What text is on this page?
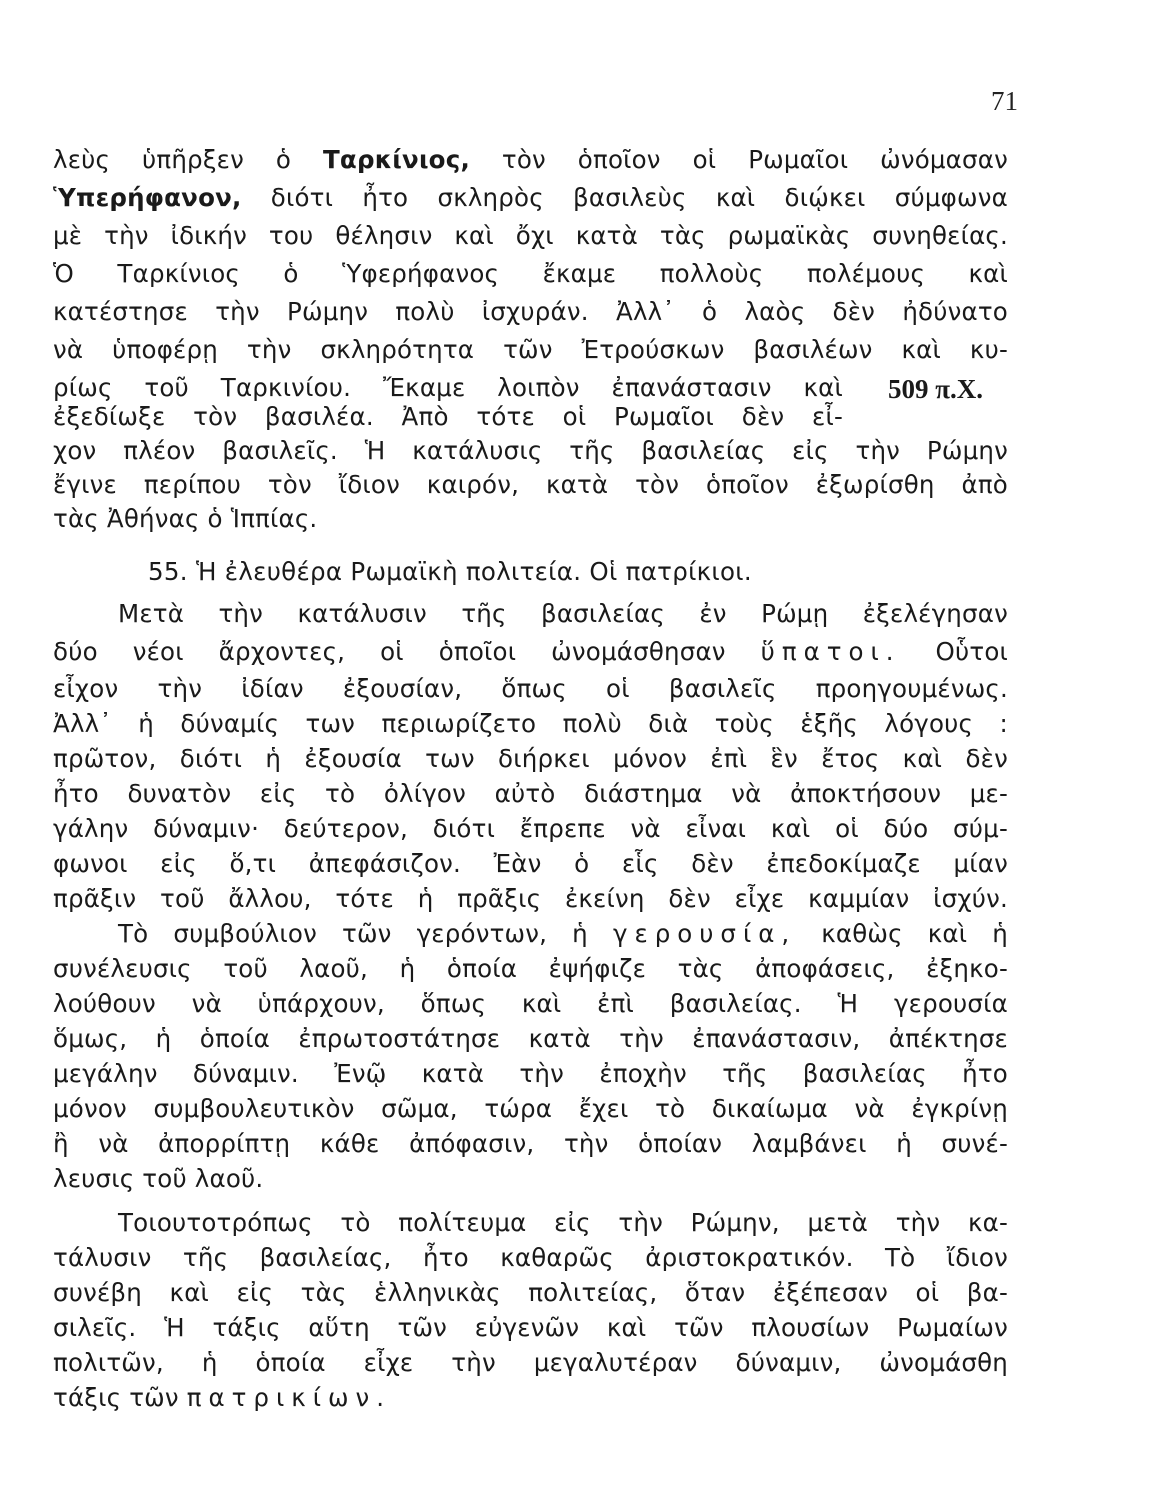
71
λεὺς ὑπῆρξεν ὁ Ταρκίνιος, τὸν ὁποῖον οἱ Ρωμαῖοι ὠνόμασαν
Ὑπερήφανον, διότι ἦτο σκληρὸς βασιλεὺς καὶ διῴκει σύμφωνα
μὲ τὴν ἰδικήν του θέλησιν καὶ ὄχι κατὰ τὰς ρωμαϊκὰς συνηθείας.
Ὁ Ταρκίνιος ὁ Ὑφερήφανος ἔκαμε πολλοὺς πολέμους καὶ
κατέστησε τὴν Ρώμην πολὺ ἰσχυράν. Ἀλλ᾿ ὁ λαὸς δὲν ἠδύνατο
νὰ ὑποφέρῃ τὴν σκληρότητα τῶν Ἐτρούσκων βασιλέων καὶ κυ-
ρίως τοῦ Ταρκινίου. Ἔκαμε λοιπὸν ἐπανάστασιν καὶ
ἐξεδίωξε τὸν βασιλέα. Ἀπὸ τότε οἱ Ρωμαῖοι δὲν εἶ-
χον πλέον βασιλεῖς. Ἡ κατάλυσις τῆς βασιλείας εἰς τὴν Ρώμην
ἔγινε περίπου τὸν ἴδιον καιρόν, κατὰ τὸν ὁποῖον ἐξωρίσθη ἀπὸ
τὰς Ἀθήνας ὁ Ἱππίας.
509 π.Χ.
55. Ἡ ἐλευθέρα Ρωμαϊκὴ πολιτεία. Οἱ πατρίκιοι.
Μετὰ τὴν κατάλυσιν τῆς βασιλείας ἐν Ρώμῃ ἐξελέγησαν
δύο νέοι ἄρχοντες, οἱ ὁποῖοι ὠνομάσθησαν ὕπατοι. Οὗτοι
εἶχον τὴν ἰδίαν ἐξουσίαν, ὅπως οἱ βασιλεῖς προηγουμένως.
Ἀλλ᾿ ἡ δύναμίς των περιωρίζετο πολὺ διὰ τοὺς ἑξῆς λόγους :
πρῶτον, διότι ἡ ἐξουσία των διήρκει μόνον ἐπὶ ἓν ἔτος καὶ δὲν
ἦτο δυνατὸν εἰς τὸ ὀλίγον αὐτὸ διάστημα νὰ ἀποκτήσουν με-
γάλην δύναμιν· δεύτερον, διότι ἔπρεπε νὰ εἶναι καὶ οἱ δύο σύμ-
φωνοι εἰς ὅ,τι ἀπεφάσιζον. Ἐὰν ὁ εἷς δὲν ἐπεδοκίμαζε μίαν
πρᾶξιν τοῦ ἄλλου, τότε ἡ πρᾶξις ἐκείνη δὲν εἶχε καμμίαν ἰσχύν.
Τὸ συμβούλιον τῶν γερόντων, ἡ γερουσία, καθὼς καὶ ἡ
συνέλευσις τοῦ λαοῦ, ἡ ὁποία ἐψήφιζε τὰς ἀποφάσεις, ἐξηκο-
λούθουν νὰ ὑπάρχουν, ὅπως καὶ ἐπὶ βασιλείας. Ἡ γερουσία
ὅμως, ἡ ὁποία ἐπρωτοστάτησε κατὰ τὴν ἐπανάστασιν, ἀπέκτησε
μεγάλην δύναμιν. Ἐνῷ κατὰ τὴν ἐποχὴν τῆς βασιλείας ἦτο
μόνον συμβουλευτικὸν σῶμα, τώρα ἔχει τὸ δικαίωμα νὰ ἐγκρίνῃ
ἢ νὰ ἀπορρίπτῃ κάθε ἀπόφασιν, τὴν ὁποίαν λαμβάνει ἡ συνέ-
λευσις τοῦ λαοῦ.
Τοιουτοτρόπως τὸ πολίτευμα εἰς τὴν Ρώμην, μετὰ τὴν κα-
τάλυσιν τῆς βασιλείας, ἦτο καθαρῶς ἀριστοκρατικόν. Τὸ ἴδιον
συνέβη καὶ εἰς τὰς ἑλληνικὰς πολιτείας, ὅταν ἐξέπεσαν οἱ βα-
σιλεῖς. Ἡ τάξις αὕτη τῶν εὐγενῶν καὶ τῶν πλουσίων Ρωμαίων
πολιτῶν, ἡ ὁποία εἶχε τὴν μεγαλυτέραν δύναμιν, ὠνομάσθη
τάξις τῶν πατρικίων.
